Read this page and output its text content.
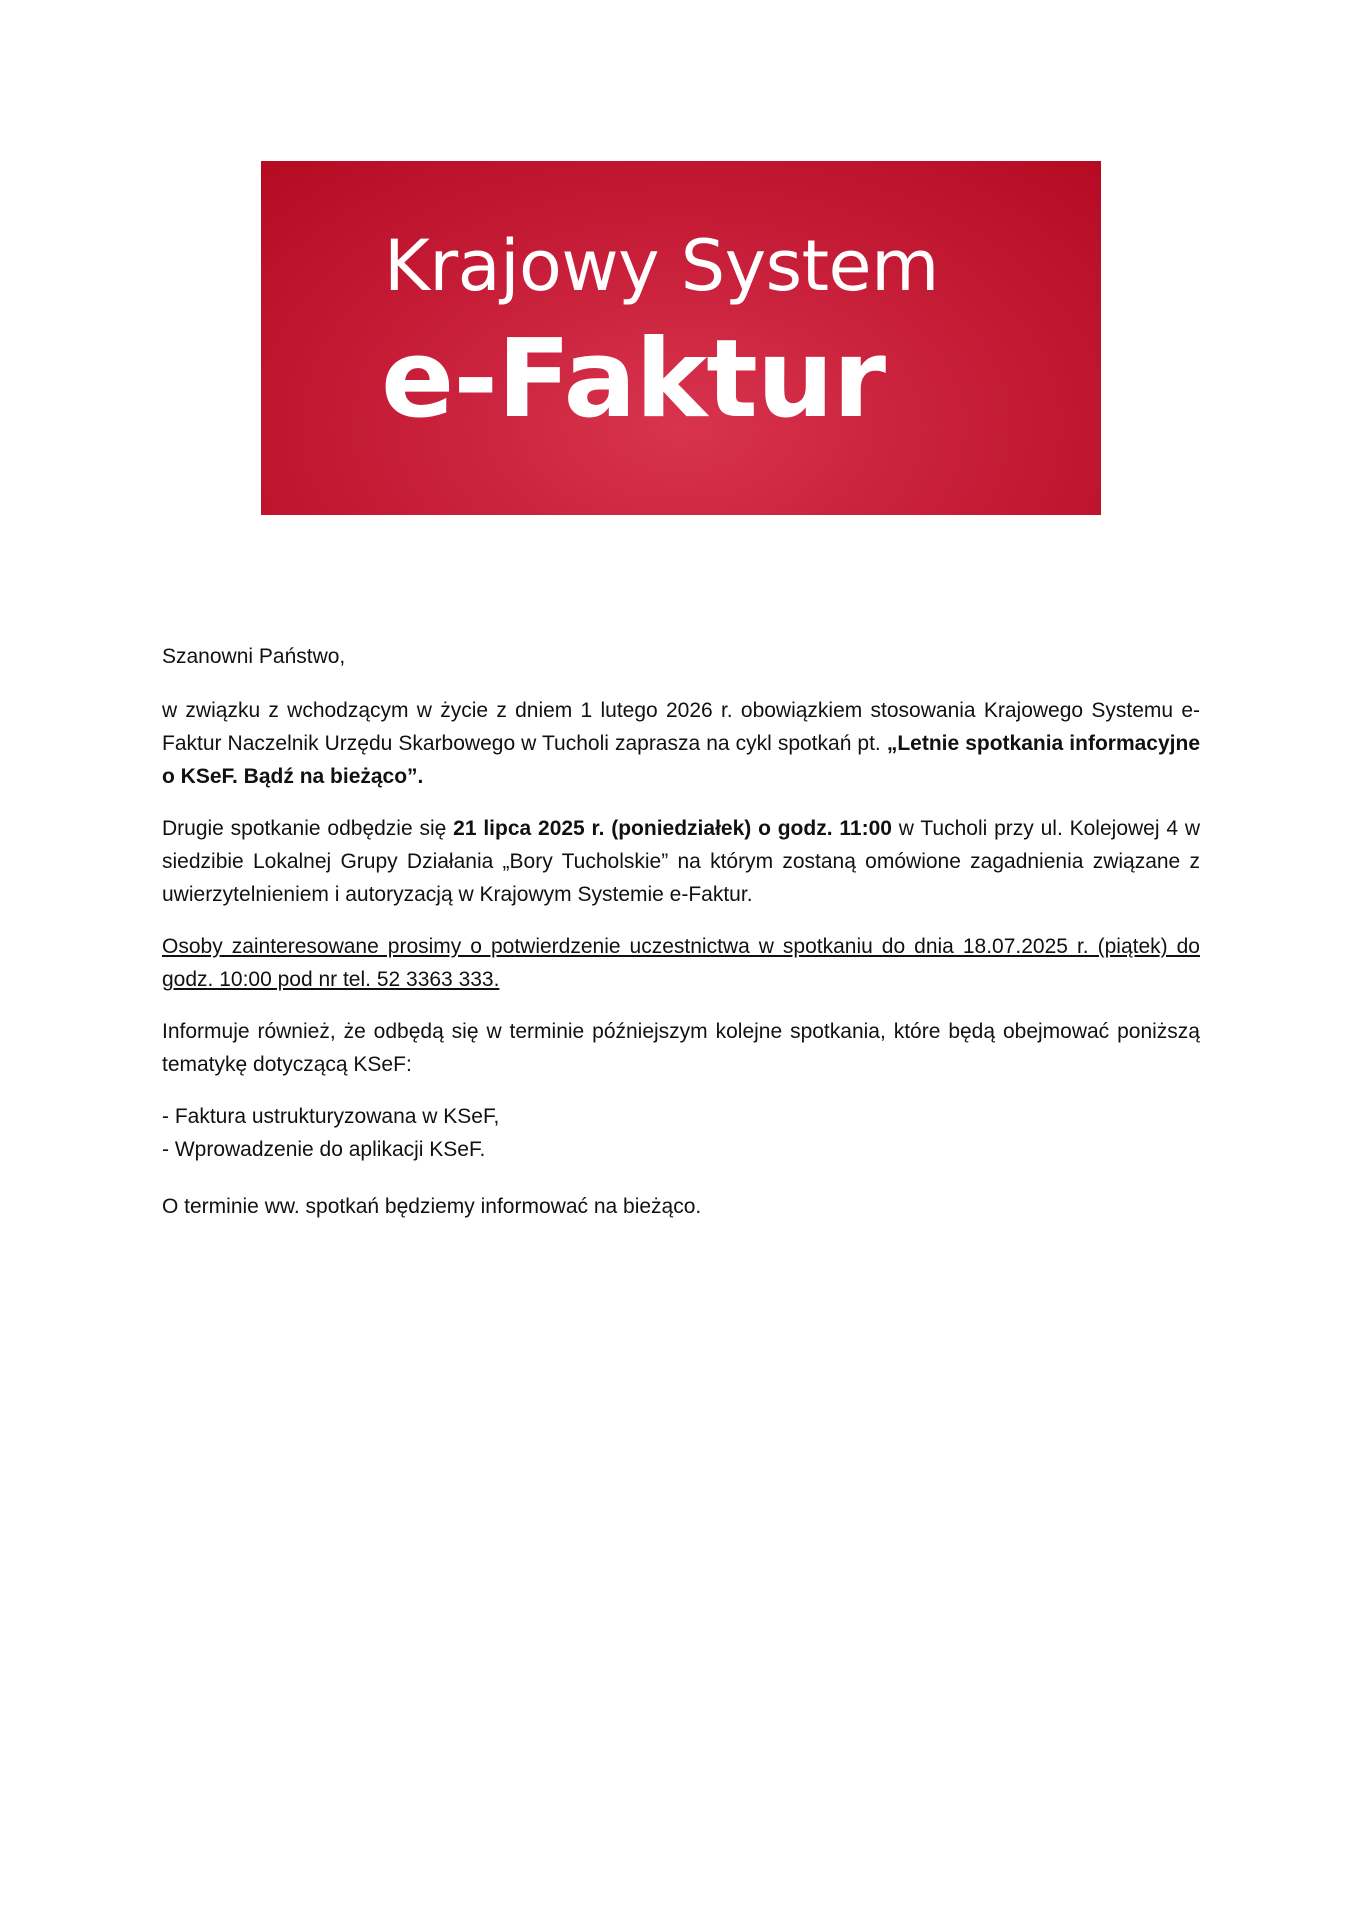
Krajowy System
e-Faktur

Szanowni Państwo,

w związku z wchodzącym w życie z dniem 1 lutego 2026 r. obowiązkiem stosowania Krajowego Systemu e-Faktur Naczelnik Urzędu Skarbowego w Tucholi zaprasza na cykl spotkań pt. „Letnie spotkania informacyjne o KSeF. Bądź na bieżąco”.

Drugie spotkanie odbędzie się 21 lipca 2025 r. (poniedziałek) o godz. 11:00 w Tucholi przy ul. Kolejowej 4 w siedzibie Lokalnej Grupy Działania „Bory Tucholskie” na którym zostaną omówione zagadnienia związane z uwierzytelnieniem i autoryzacją w Krajowym Systemie e-Faktur.

Osoby zainteresowane prosimy o potwierdzenie uczestnictwa w spotkaniu do dnia 18.07.2025 r. (piątek) do godz. 10:00 pod nr tel. 52 3363 333.

Informuje również, że odbędą się w terminie późniejszym kolejne spotkania, które będą obejmować poniższą tematykę dotyczącą KSeF:

- Faktura ustrukturyzowana w KSeF,

- Wprowadzenie do aplikacji KSeF.

O terminie ww. spotkań będziemy informować na bieżąco.
